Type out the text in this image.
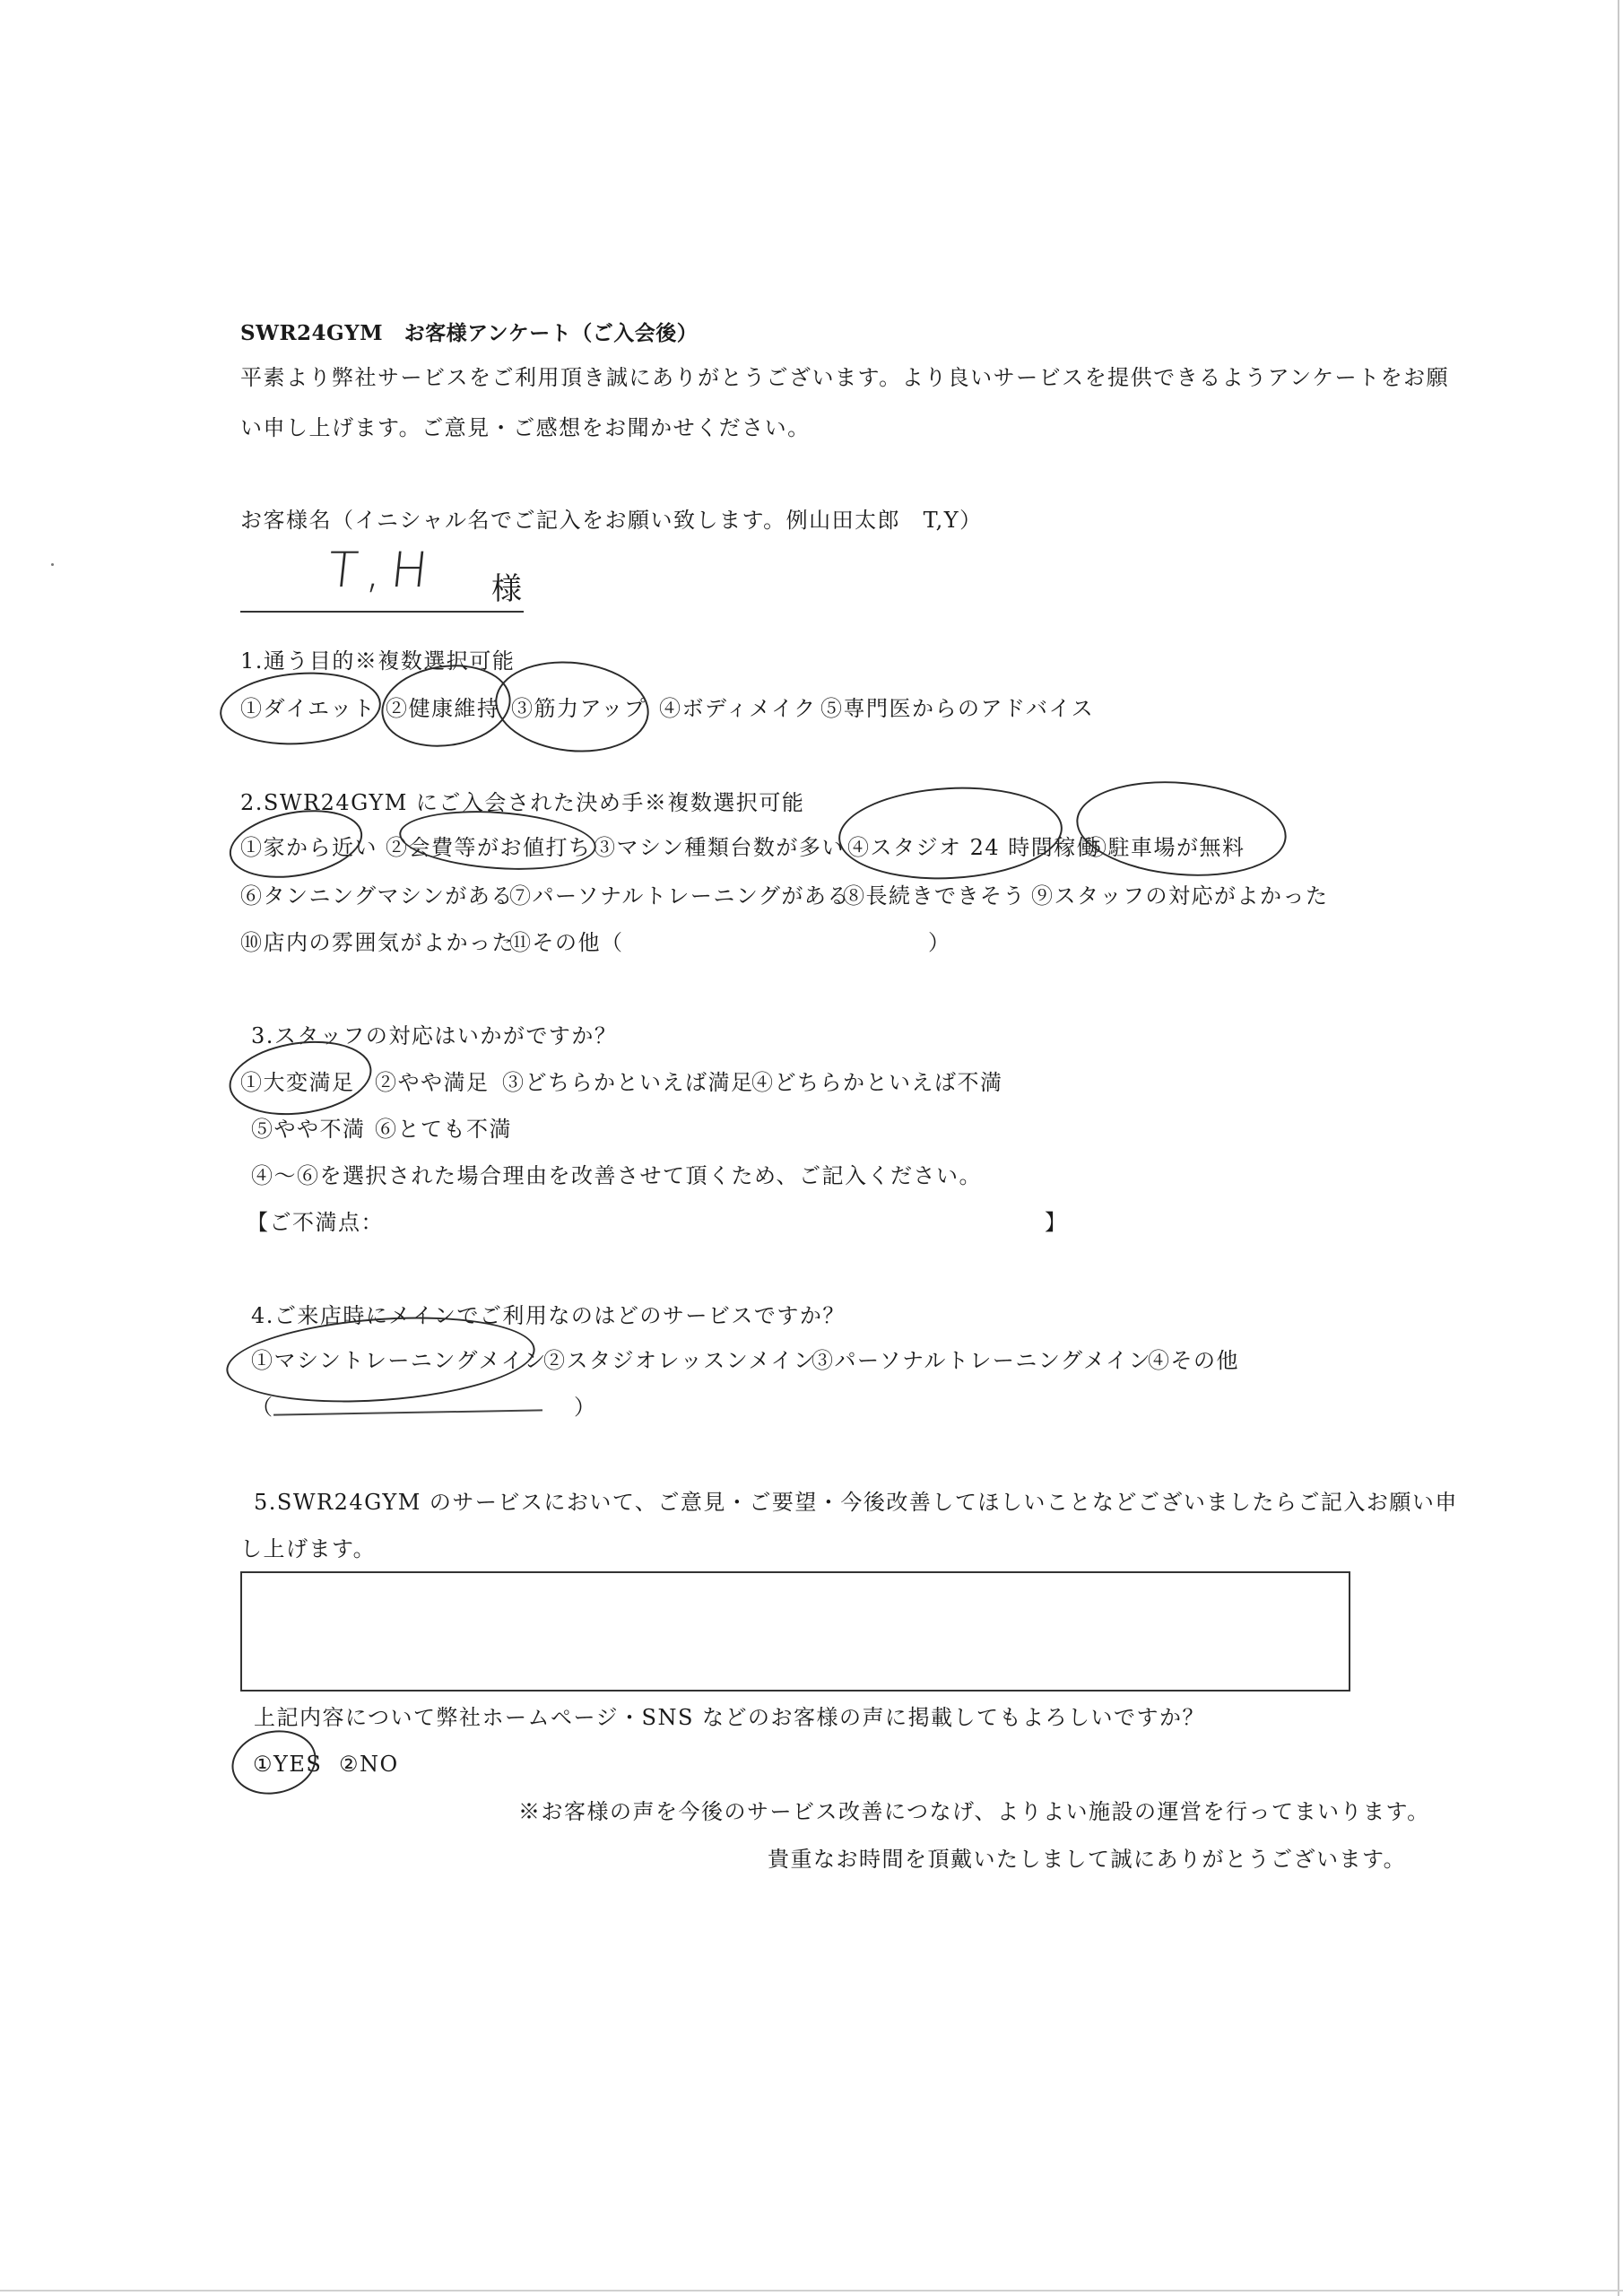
SWR24GYM　お客様アンケート（ご入会後）
平素より弊社サービスをご利用頂き誠にありがとうございます。より良いサービスを提供できるようアンケートをお願
い申し上げます。ご意見・ご感想をお聞かせください。
お客様名（イニシャル名でご記入をお願い致します。例山田太郎　T,Y）
T,H 様
1.通う目的※複数選択可能
①ダイエット ②健康維持 ③筋力アップ ④ボディメイク ⑤専門医からのアドバイス
2.SWR24GYM にご入会された決め手※複数選択可能
①家から近い ②会費等がお値打ち ③マシン種類台数が多い ④スタジオ 24 時間稼働
⑤駐車場が無料
⑥タンニングマシンがある
⑦パーソナルトレーニングがある
⑧長続きできそう ⑨スタッフの対応がよかった
⑩店内の雰囲気がよかった
⑪その他（	）
3.スタッフの対応はいかがですか？
①大変満足 ②やや満足 ③どちらかといえば満足
④どちらかといえば不満
⑤やや不満 ⑥とても不満
④〜⑥を選択された場合理由を改善させて頂くため、ご記入ください。
【ご不満点：	】
4.ご来店時にメインでご利用なのはどのサービスですか？
①マシントレーニングメイン
②スタジオレッスンメイン
③パーソナルトレーニングメイン
④その他
（	）
5.SWR24GYM のサービスにおいて、ご意見・ご要望・今後改善してほしいことなどございましたらご記入お願い申
し上げます。
上記内容について弊社ホームページ・SNS などのお客様の声に掲載してもよろしいですか？
①YES ②NO
※お客様の声を今後のサービス改善につなげ、よりよい施設の運営を行ってまいります。
貴重なお時間を頂戴いたしまして誠にありがとうございます。
